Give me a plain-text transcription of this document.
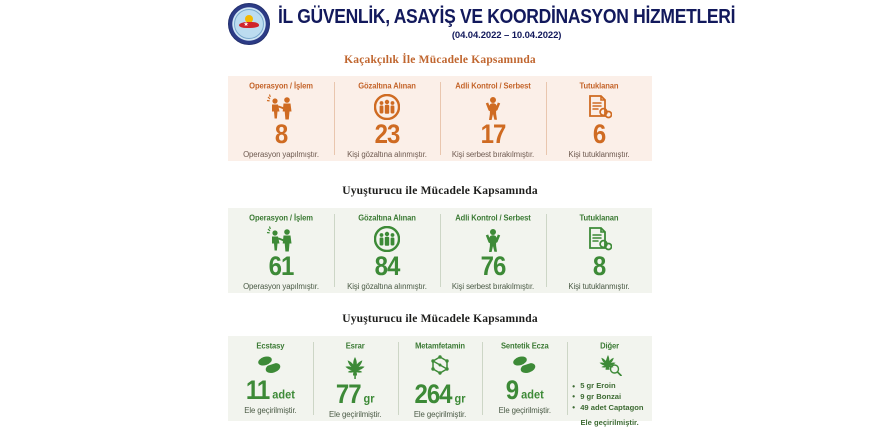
★ İL GÜVENLİK, ASAYİŞ VE KOORDİNASYON HİZMETLERİ
(04.04.2022 – 10.04.2022)
Kaçakçılık İle Mücadele Kapsamında
Operasyon / İşlem
8
Operasyon yapılmıştır.
Gözaltına Alınan
23
Kişi gözaltına alınmıştır.
Adli Kontrol / Serbest
17
Kişi serbest bırakılmıştır.
Tutuklanan
6
Kişi tutuklanmıştır.
Uyuşturucu ile Mücadele Kapsamında
Operasyon / İşlem
61
Operasyon yapılmıştır.
Gözaltına Alınan
84
Kişi gözaltına alınmıştır.
Adli Kontrol / Serbest
76
Kişi serbest bırakılmıştır.
Tutuklanan
8
Kişi tutuklanmıştır.
Uyuşturucu ile Mücadele Kapsamında
Ecstasy
11 adet
Ele geçirilmiştir.
Esrar
77 gr
Ele geçirilmiştir.
Metamfetamin
264 gr
Ele geçirilmiştir.
Sentetik Ecza
9 adet
Ele geçirilmiştir.
Diğer
• 5 gr Eroin
• 9 gr Bonzai
• 49 adet Captagon
Ele geçirilmiştir.
